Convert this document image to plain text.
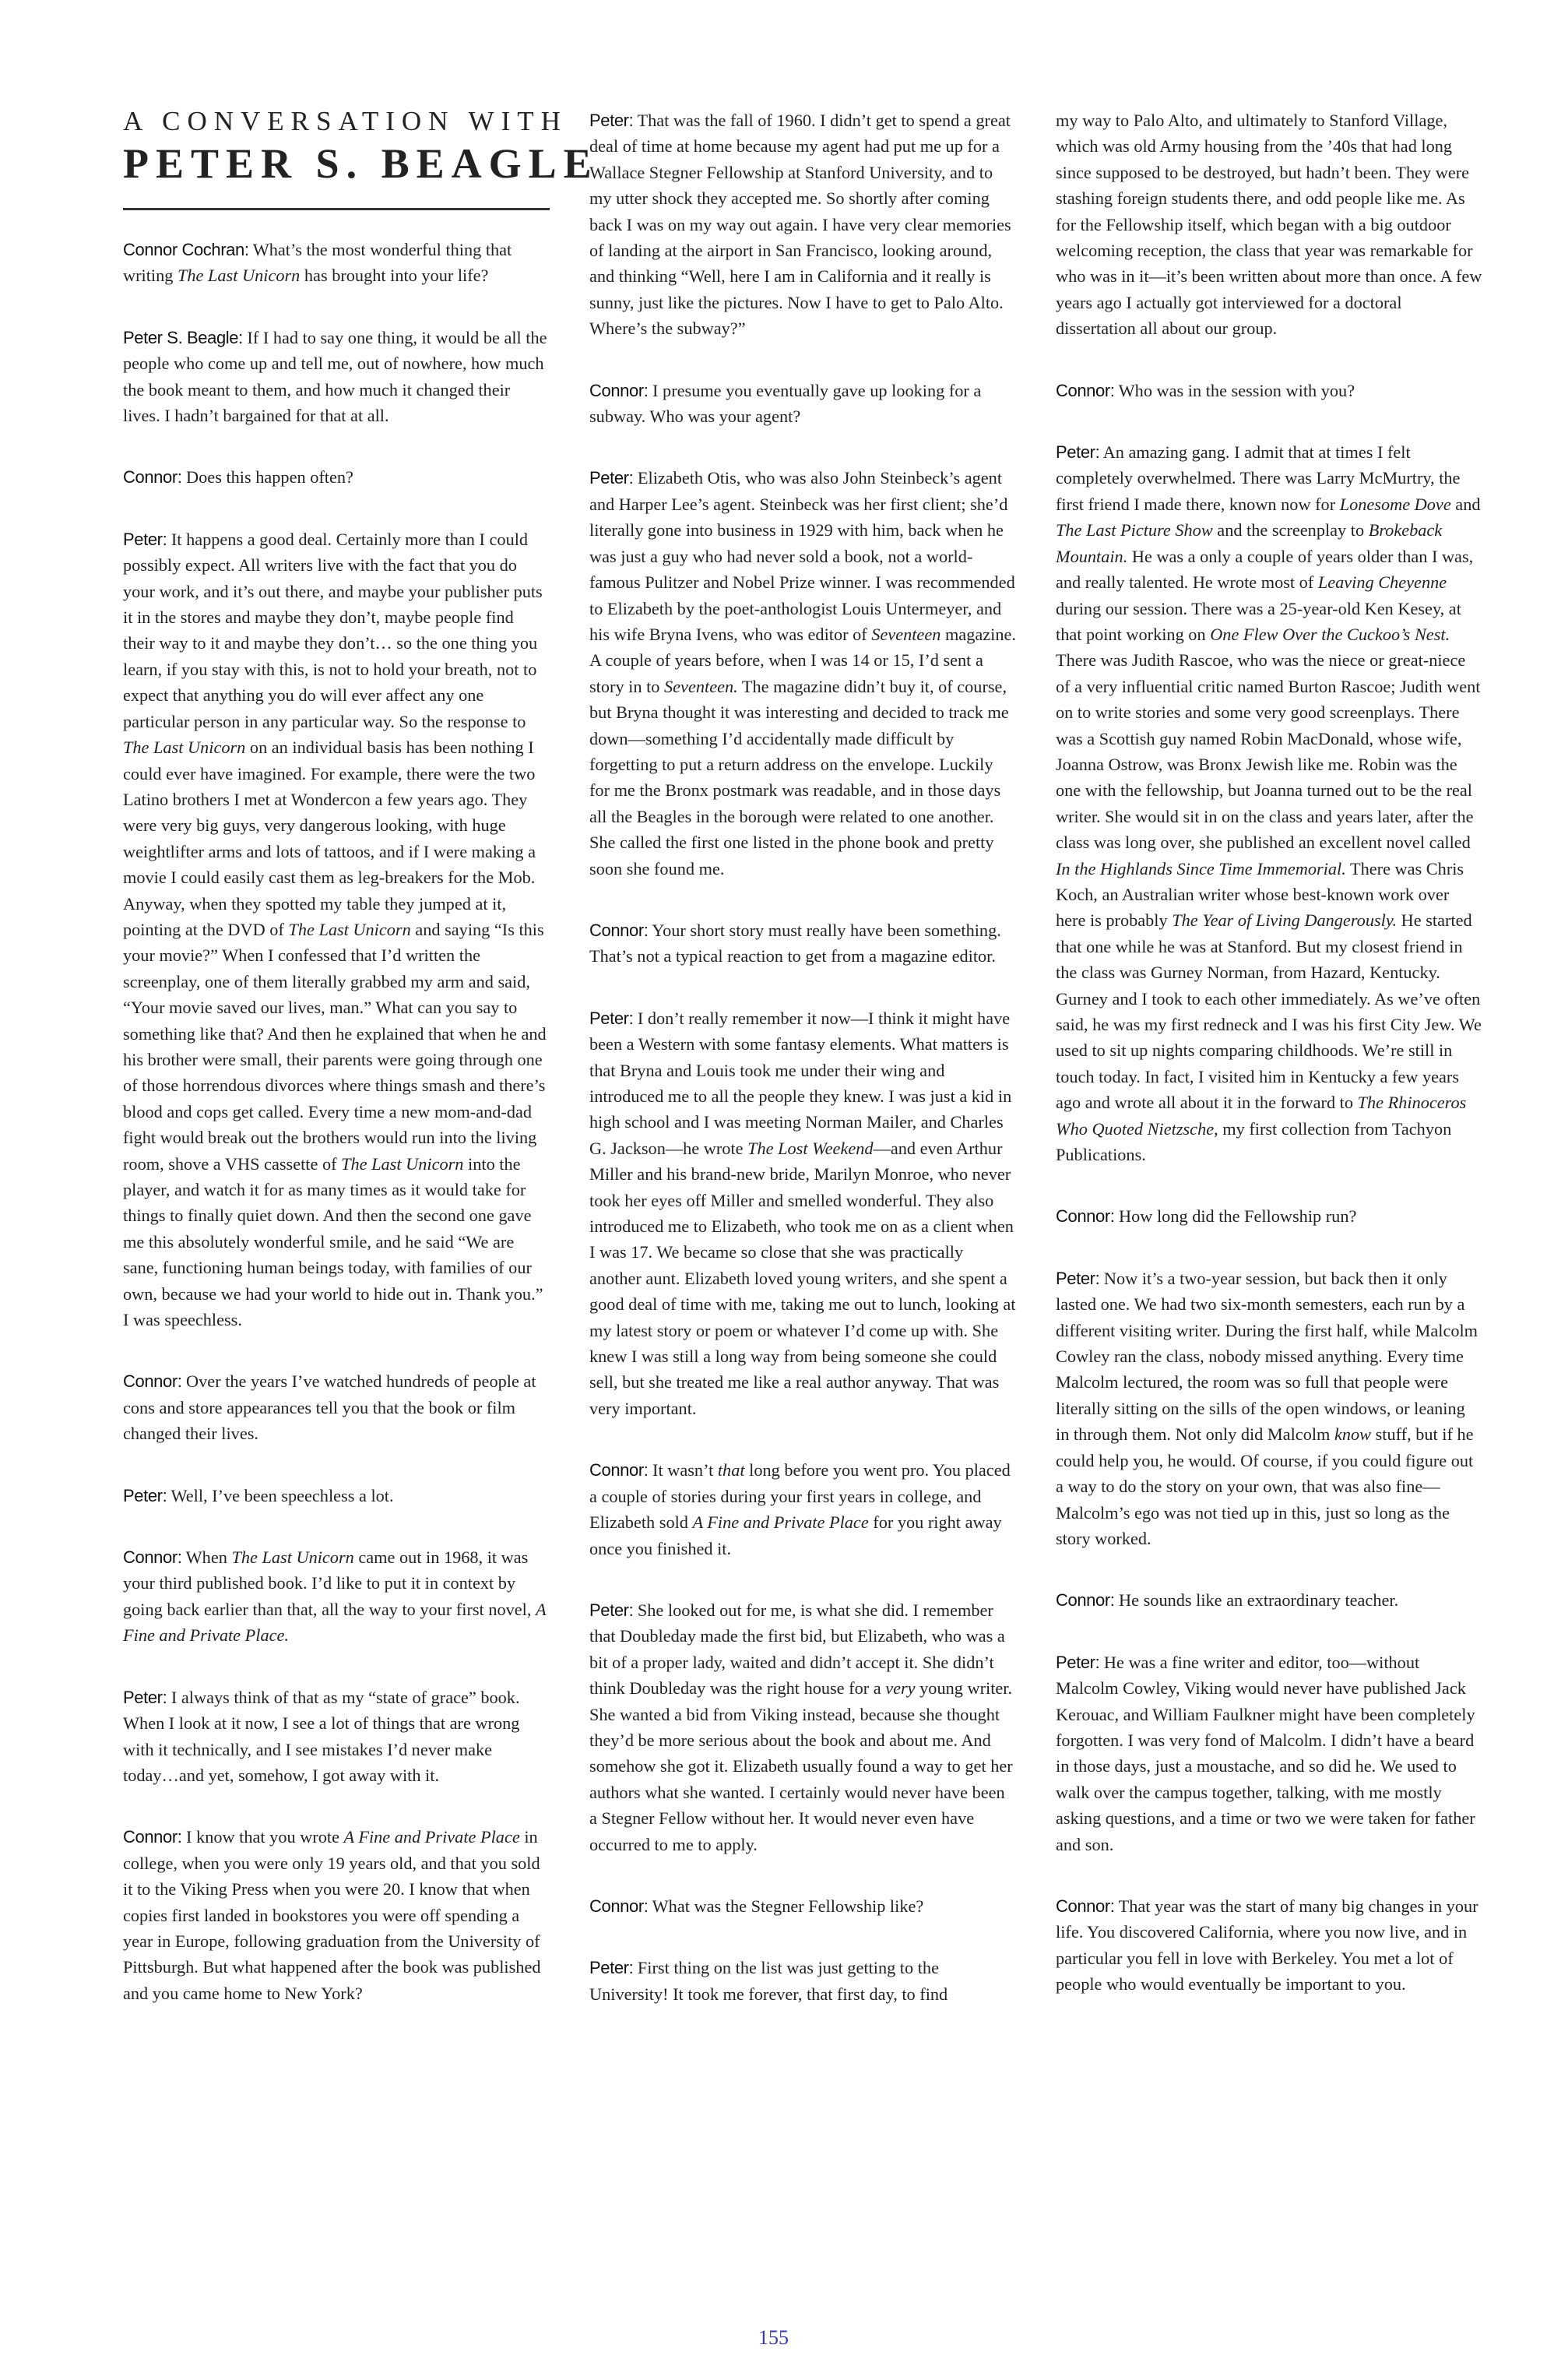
A CONVERSATION WITH
PETER S. BEAGLE

Connor Cochran: What’s the most wonderful thing that writing The Last Unicorn has brought into your life?

Peter S. Beagle: If I had to say one thing, it would be all the people who come up and tell me, out of nowhere, how much the book meant to them, and how much it changed their lives. I hadn’t bargained for that at all.

Connor: Does this happen often?

Peter: It happens a good deal. Certainly more than I could possibly expect. All writers live with the fact that you do your work, and it’s out there, and maybe your publisher puts it in the stores and maybe they don’t, maybe people find their way to it and maybe they don’t… so the one thing you learn, if you stay with this, is not to hold your breath, not to expect that anything you do will ever affect any one particular person in any particular way. So the response to The Last Unicorn on an individual basis has been nothing I could ever have imagined. For example, there were the two Latino brothers I met at Wondercon a few years ago. They were very big guys, very dangerous looking, with huge weightlifter arms and lots of tattoos, and if I were making a movie I could easily cast them as leg-breakers for the Mob. Anyway, when they spotted my table they jumped at it, pointing at the DVD of The Last Unicorn and saying “Is this your movie?” When I confessed that I’d written the screenplay, one of them literally grabbed my arm and said, “Your movie saved our lives, man.” What can you say to something like that? And then he explained that when he and his brother were small, their parents were going through one of those horrendous divorces where things smash and there’s blood and cops get called. Every time a new mom-and-dad fight would break out the brothers would run into the living room, shove a VHS cassette of The Last Unicorn into the player, and watch it for as many times as it would take for things to finally quiet down. And then the second one gave me this absolutely wonderful smile, and he said “We are sane, functioning human beings today, with families of our own, because we had your world to hide out in. Thank you.” I was speechless.

Connor: Over the years I’ve watched hundreds of people at cons and store appearances tell you that the book or film changed their lives.

Peter: Well, I’ve been speechless a lot.

Connor: When The Last Unicorn came out in 1968, it was your third published book. I’d like to put it in context by going back earlier than that, all the way to your first novel, A Fine and Private Place.

Peter: I always think of that as my “state of grace” book. When I look at it now, I see a lot of things that are wrong with it technically, and I see mistakes I’d never make today…and yet, somehow, I got away with it.

Connor: I know that you wrote A Fine and Private Place in college, when you were only 19 years old, and that you sold it to the Viking Press when you were 20. I know that when copies first landed in bookstores you were off spending a year in Europe, following graduation from the University of Pittsburgh. But what happened after the book was published and you came home to New York?

Peter: That was the fall of 1960. I didn’t get to spend a great deal of time at home because my agent had put me up for a Wallace Stegner Fellowship at Stanford University, and to my utter shock they accepted me. So shortly after coming back I was on my way out again. I have very clear memories of landing at the airport in San Francisco, looking around, and thinking “Well, here I am in California and it really is sunny, just like the pictures. Now I have to get to Palo Alto. Where’s the subway?”

Connor: I presume you eventually gave up looking for a subway. Who was your agent?

Peter: Elizabeth Otis, who was also John Steinbeck’s agent and Harper Lee’s agent. Steinbeck was her first client; she’d literally gone into business in 1929 with him, back when he was just a guy who had never sold a book, not a world-famous Pulitzer and Nobel Prize winner. I was recommended to Elizabeth by the poet-anthologist Louis Untermeyer, and his wife Bryna Ivens, who was editor of Seventeen magazine. A couple of years before, when I was 14 or 15, I’d sent a story in to Seventeen. The magazine didn’t buy it, of course, but Bryna thought it was interesting and decided to track me down—something I’d accidentally made difficult by forgetting to put a return address on the envelope. Luckily for me the Bronx postmark was readable, and in those days all the Beagles in the borough were related to one another. She called the first one listed in the phone book and pretty soon she found me.

Connor: Your short story must really have been something. That’s not a typical reaction to get from a magazine editor.

Peter: I don’t really remember it now—I think it might have been a Western with some fantasy elements. What matters is that Bryna and Louis took me under their wing and introduced me to all the people they knew. I was just a kid in high school and I was meeting Norman Mailer, and Charles G. Jackson—he wrote The Lost Weekend—and even Arthur Miller and his brand-new bride, Marilyn Monroe, who never took her eyes off Miller and smelled wonderful. They also introduced me to Elizabeth, who took me on as a client when I was 17. We became so close that she was practically another aunt. Elizabeth loved young writers, and she spent a good deal of time with me, taking me out to lunch, looking at my latest story or poem or whatever I’d come up with. She knew I was still a long way from being someone she could sell, but she treated me like a real author anyway. That was very important.

Connor: It wasn’t that long before you went pro. You placed a couple of stories during your first years in college, and Elizabeth sold A Fine and Private Place for you right away once you finished it.

Peter: She looked out for me, is what she did. I remember that Doubleday made the first bid, but Elizabeth, who was a bit of a proper lady, waited and didn’t accept it. She didn’t think Doubleday was the right house for a very young writer. She wanted a bid from Viking instead, because she thought they’d be more serious about the book and about me. And somehow she got it. Elizabeth usually found a way to get her authors what she wanted. I certainly would never have been a Stegner Fellow without her. It would never even have occurred to me to apply.

Connor: What was the Stegner Fellowship like?

Peter: First thing on the list was just getting to the University! It took me forever, that first day, to find

my way to Palo Alto, and ultimately to Stanford Village, which was old Army housing from the ’40s that had long since supposed to be destroyed, but hadn’t been. They were stashing foreign students there, and odd people like me. As for the Fellowship itself, which began with a big outdoor welcoming reception, the class that year was remarkable for who was in it—it’s been written about more than once. A few years ago I actually got interviewed for a doctoral dissertation all about our group.

Connor: Who was in the session with you?

Peter: An amazing gang. I admit that at times I felt completely overwhelmed. There was Larry McMurtry, the first friend I made there, known now for Lonesome Dove and The Last Picture Show and the screenplay to Brokeback Mountain. He was a only a couple of years older than I was, and really talented. He wrote most of Leaving Cheyenne during our session. There was a 25-year-old Ken Kesey, at that point working on One Flew Over the Cuckoo’s Nest. There was Judith Rascoe, who was the niece or great-niece of a very influential critic named Burton Rascoe; Judith went on to write stories and some very good screenplays. There was a Scottish guy named Robin MacDonald, whose wife, Joanna Ostrow, was Bronx Jewish like me. Robin was the one with the fellowship, but Joanna turned out to be the real writer. She would sit in on the class and years later, after the class was long over, she published an excellent novel called In the Highlands Since Time Immemorial. There was Chris Koch, an Australian writer whose best-known work over here is probably The Year of Living Dangerously. He started that one while he was at Stanford. But my closest friend in the class was Gurney Norman, from Hazard, Kentucky. Gurney and I took to each other immediately. As we’ve often said, he was my first redneck and I was his first City Jew. We used to sit up nights comparing childhoods. We’re still in touch today. In fact, I visited him in Kentucky a few years ago and wrote all about it in the forward to The Rhinoceros Who Quoted Nietzsche, my first collection from Tachyon Publications.

Connor: How long did the Fellowship run?

Peter: Now it’s a two-year session, but back then it only lasted one. We had two six-month semesters, each run by a different visiting writer. During the first half, while Malcolm Cowley ran the class, nobody missed anything. Every time Malcolm lectured, the room was so full that people were literally sitting on the sills of the open windows, or leaning in through them. Not only did Malcolm know stuff, but if he could help you, he would. Of course, if you could figure out a way to do the story on your own, that was also fine—Malcolm’s ego was not tied up in this, just so long as the story worked.

Connor: He sounds like an extraordinary teacher.

Peter: He was a fine writer and editor, too—without Malcolm Cowley, Viking would never have published Jack Kerouac, and William Faulkner might have been completely forgotten. I was very fond of Malcolm. I didn’t have a beard in those days, just a moustache, and so did he. We used to walk over the campus together, talking, with me mostly asking questions, and a time or two we were taken for father and son.

Connor: That year was the start of many big changes in your life. You discovered California, where you now live, and in particular you fell in love with Berkeley. You met a lot of people who would eventually be important to you.

155
